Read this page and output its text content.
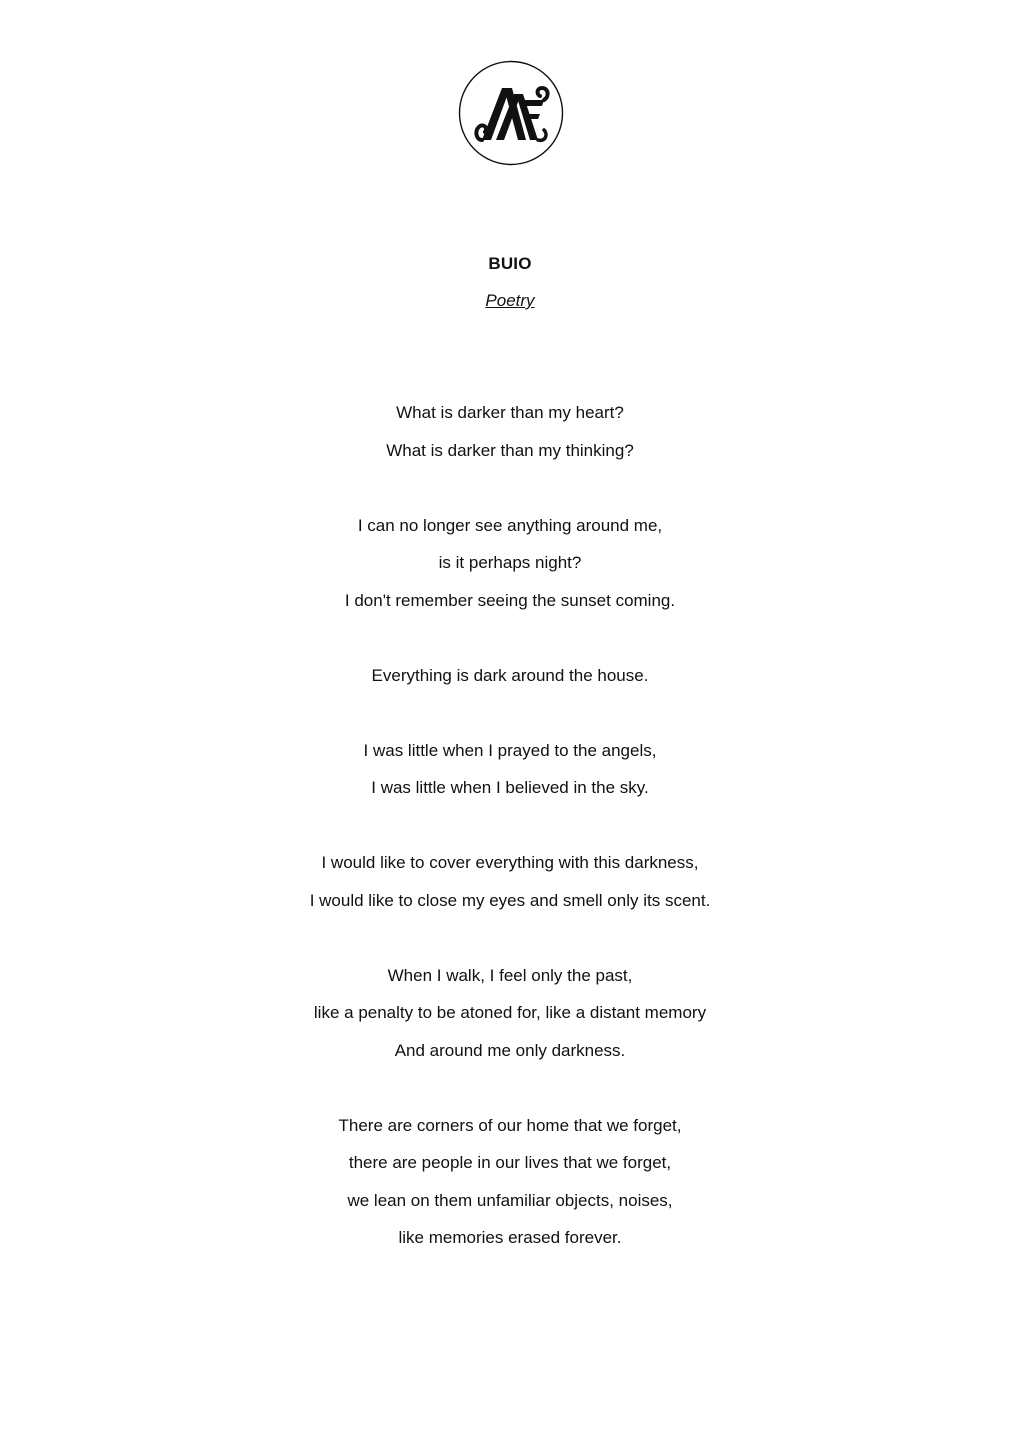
BUIO
Poetry
What is darker than my heart?
What is darker than my thinking?
I can no longer see anything around me,
is it perhaps night?
I don't remember seeing the sunset coming.
Everything is dark around the house.
I was little when I prayed to the angels,
I was little when I believed in the sky.
I would like to cover everything with this darkness,
I would like to close my eyes and smell only its scent.
When I walk, I feel only the past,
like a penalty to be atoned for, like a distant memory
And around me only darkness.
There are corners of our home that we forget,
there are people in our lives that we forget,
we lean on them unfamiliar objects, noises,
like memories erased forever.
